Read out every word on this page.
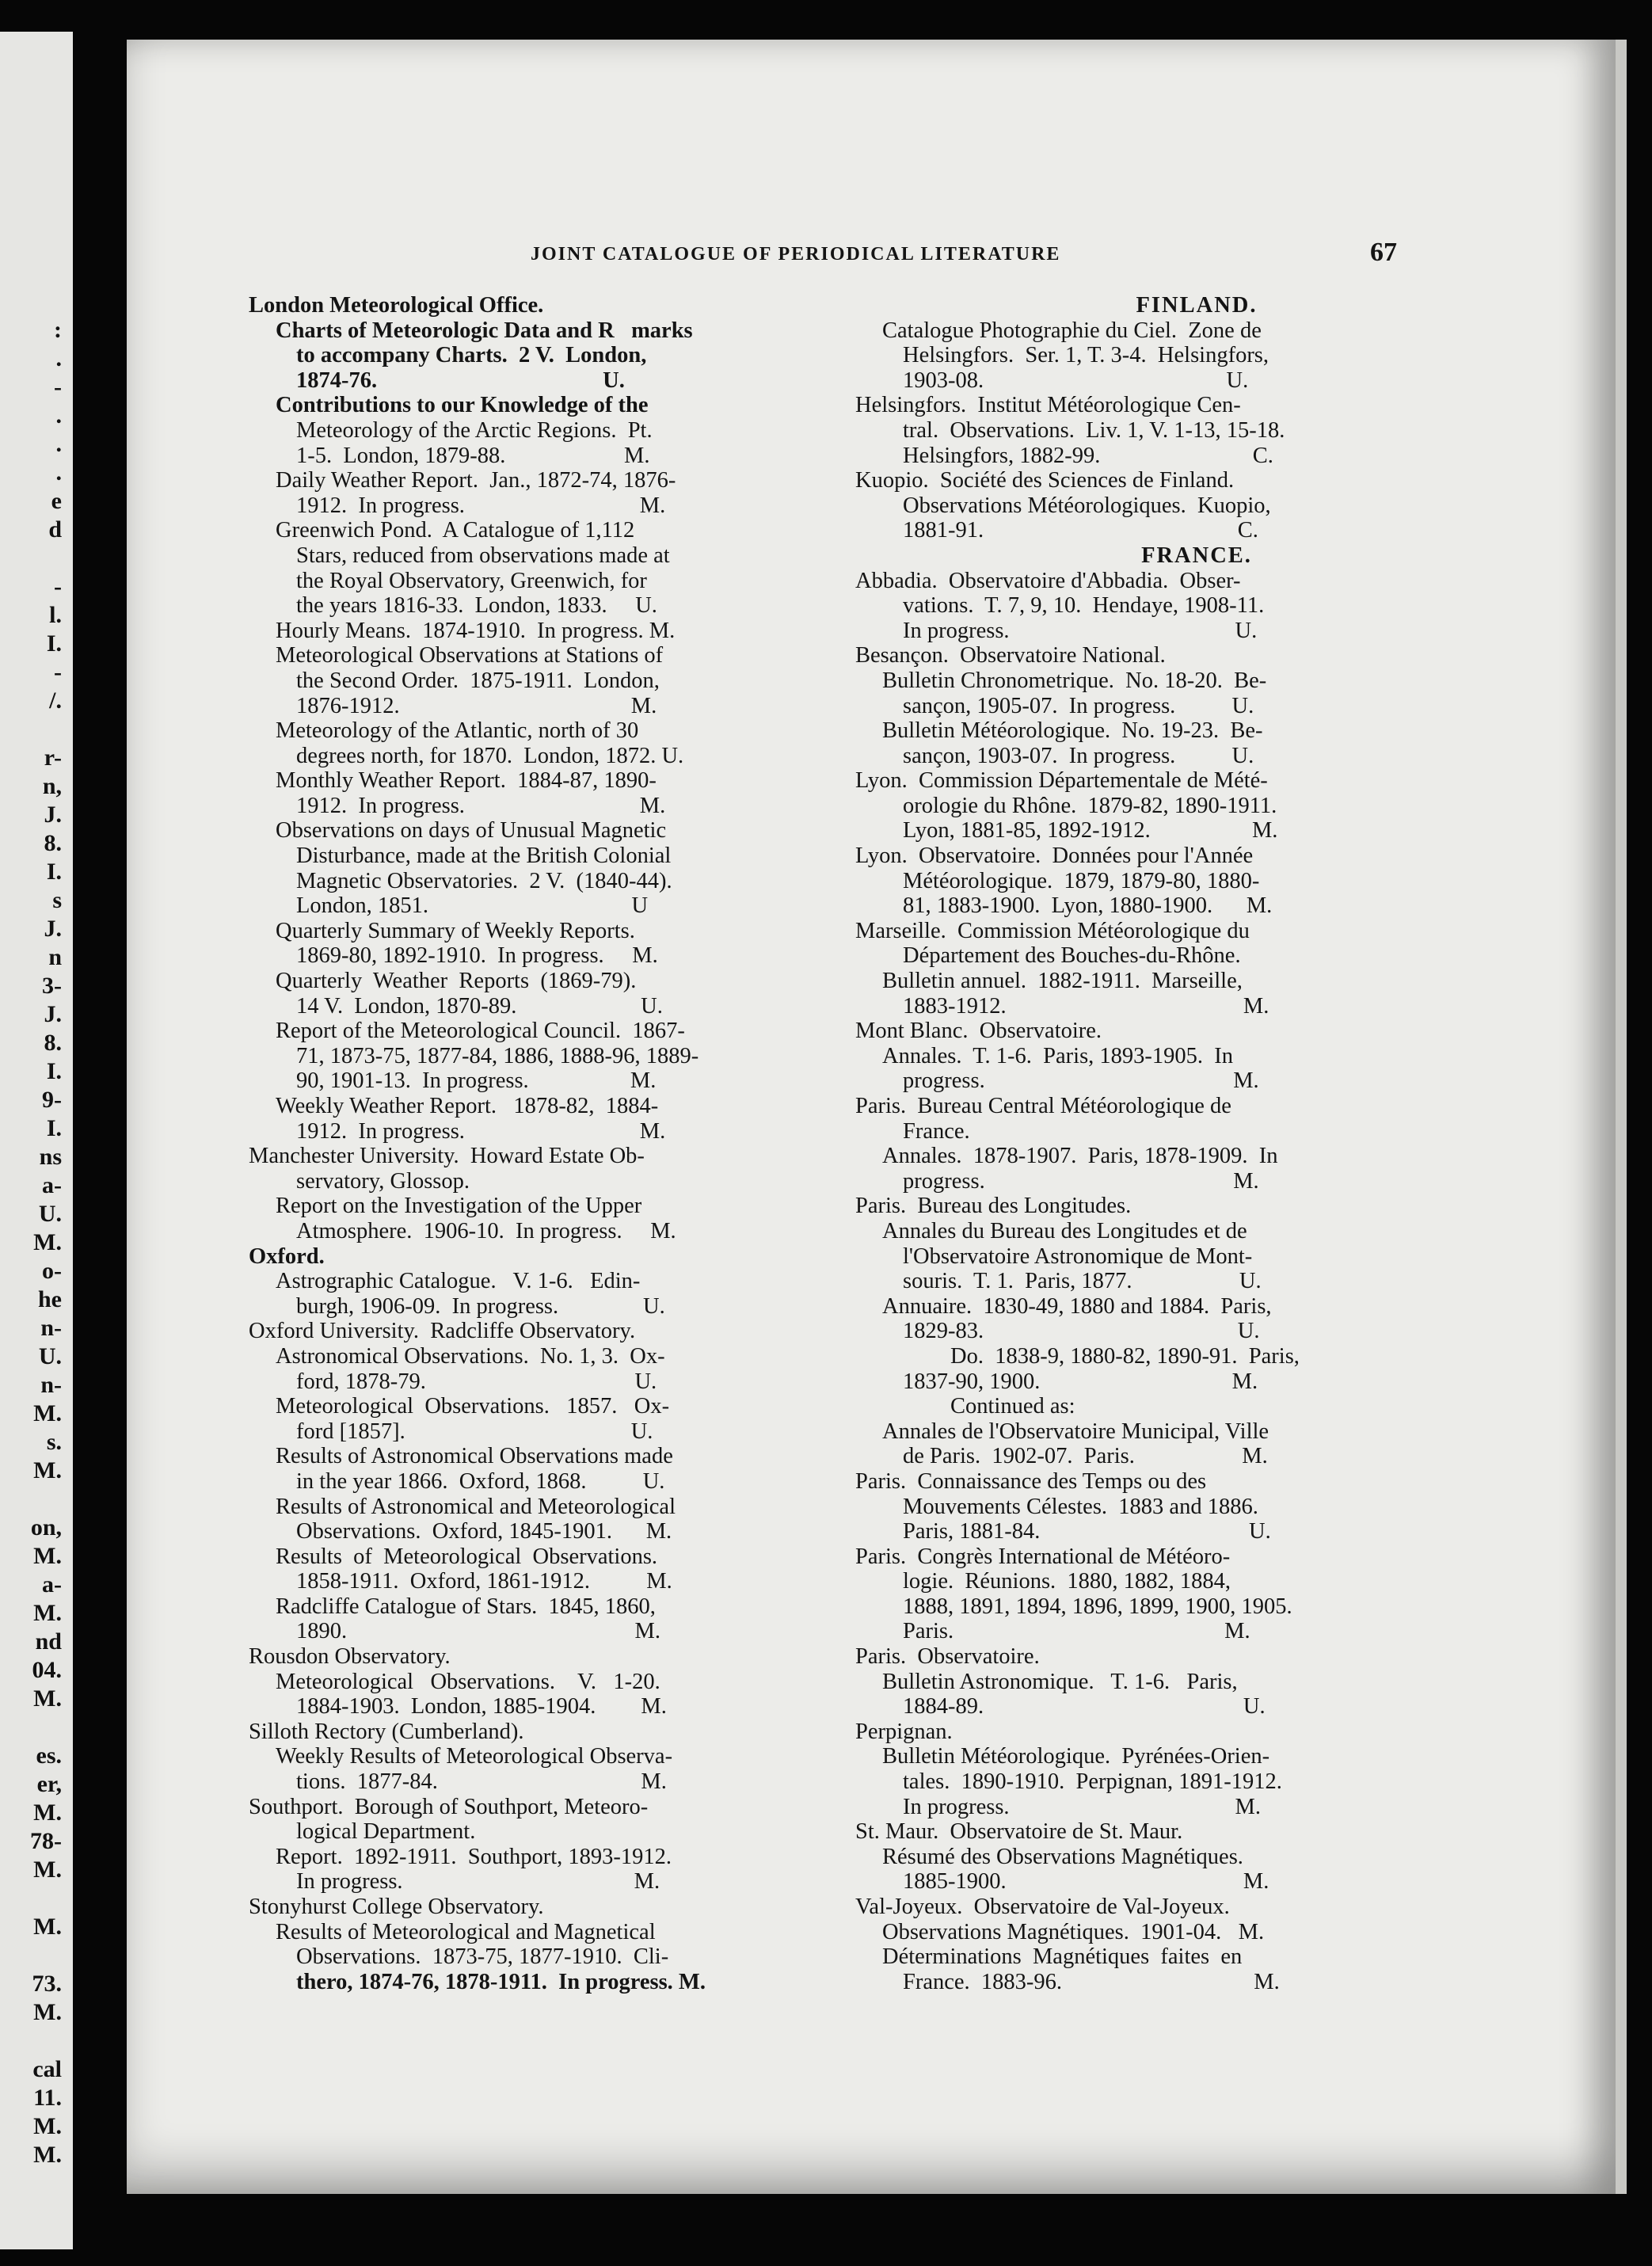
:
.
-
.
.
.
e
d
-
l.
I.
-
/.
r-
n,
J.
8.
I.
s
J.
n
3-
J.
8.
I.
9-
I.
ns
a-
U.
M.
o-
he
n-
U.
n-
M.
s.
M.
on,
M.
a-
M.
nd
04.
M.
es.
er,
M.
78-
M.
M.
73.
M.
cal
11.
M.
M.
JOINT CATALOGUE OF PERIODICAL LITERATURE	67
London Meteorological Office.
Charts of Meteorologic Data and R   marks
to accompany Charts.  2 V.  London,
1874-76.                                        U.
Contributions to our Knowledge of the
Meteorology of the Arctic Regions.  Pt.
1-5.  London, 1879-88.                     M.
Daily Weather Report.  Jan., 1872-74, 1876-
1912.  In progress.                               M.
Greenwich Pond.  A Catalogue of 1,112
Stars, reduced from observations made at
the Royal Observatory, Greenwich, for
the years 1816-33.  London, 1833.     U.
Hourly Means.  1874-1910.  In progress. M.
Meteorological Observations at Stations of
the Second Order.  1875-1911.  London,
1876-1912.                                         M.
Meteorology of the Atlantic, north of 30
degrees north, for 1870.  London, 1872. U.
Monthly Weather Report.  1884-87, 1890-
1912.  In progress.                               M.
Observations on days of Unusual Magnetic
Disturbance, made at the British Colonial
Magnetic Observatories.  2 V.  (1840-44).
London, 1851.                                    U
Quarterly Summary of Weekly Reports.
1869-80, 1892-1910.  In progress.     M.
Quarterly  Weather  Reports  (1869-79).
14 V.  London, 1870-89.                      U.
Report of the Meteorological Council.  1867-
71, 1873-75, 1877-84, 1886, 1888-96, 1889-
90, 1901-13.  In progress.                  M.
Weekly Weather Report.   1878-82,  1884-
1912.  In progress.                               M.
Manchester University.  Howard Estate Ob-
servatory, Glossop.
Report on the Investigation of the Upper
Atmosphere.  1906-10.  In progress.     M.
Oxford.
Astrographic Catalogue.   V. 1-6.   Edin-
burgh, 1906-09.  In progress.               U.
Oxford University.  Radcliffe Observatory.
Astronomical Observations.  No. 1, 3.  Ox-
ford, 1878-79.                                     U.
Meteorological  Observations.   1857.   Ox-
ford [1857].                                        U.
Results of Astronomical Observations made
in the year 1866.  Oxford, 1868.          U.
Results of Astronomical and Meteorological
Observations.  Oxford, 1845-1901.      M.
Results  of  Meteorological  Observations.
1858-1911.  Oxford, 1861-1912.          M.
Radcliffe Catalogue of Stars.  1845, 1860,
1890.                                                   M.
Rousdon Observatory.
Meteorological   Observations.    V.   1-20.
1884-1903.  London, 1885-1904.        M.
Silloth Rectory (Cumberland).
Weekly Results of Meteorological Observa-
tions.  1877-84.                                    M.
Southport.  Borough of Southport, Meteoro-
logical Department.
Report.  1892-1911.  Southport, 1893-1912.
In progress.                                         M.
Stonyhurst College Observatory.
Results of Meteorological and Magnetical
Observations.  1873-75, 1877-1910.  Cli-
thero, 1874-76, 1878-1911.  In progress. M.
FINLAND.
Catalogue Photographie du Ciel.  Zone de
Helsingfors.  Ser. 1, T. 3-4.  Helsingfors,
1903-08.                                           U.
Helsingfors.  Institut Météorologique Cen-
tral.  Observations.  Liv. 1, V. 1-13, 15-18.
Helsingfors, 1882-99.                           C.
Kuopio.  Société des Sciences de Finland.
Observations Météorologiques.  Kuopio,
1881-91.                                             C.
FRANCE.
Abbadia.  Observatoire d'Abbadia.  Obser-
vations.  T. 7, 9, 10.  Hendaye, 1908-11.
In progress.                                        U.
Besançon.  Observatoire National.
Bulletin Chronometrique.  No. 18-20.  Be-
sançon, 1905-07.  In progress.          U.
Bulletin Météorologique.  No. 19-23.  Be-
sançon, 1903-07.  In progress.          U.
Lyon.  Commission Départementale de Mété-
orologie du Rhône.  1879-82, 1890-1911.
Lyon, 1881-85, 1892-1912.                  M.
Lyon.  Observatoire.  Données pour l'Année
Météorologique.  1879, 1879-80, 1880-
81, 1883-1900.  Lyon, 1880-1900.      M.
Marseille.  Commission Météorologique du
Département des Bouches-du-Rhône.
Bulletin annuel.  1882-1911.  Marseille,
1883-1912.                                          M.
Mont Blanc.  Observatoire.
Annales.  T. 1-6.  Paris, 1893-1905.  In
progress.                                            M.
Paris.  Bureau Central Météorologique de
France.
Annales.  1878-1907.  Paris, 1878-1909.  In
progress.                                            M.
Paris.  Bureau des Longitudes.
Annales du Bureau des Longitudes et de
l'Observatoire Astronomique de Mont-
souris.  T. 1.  Paris, 1877.                   U.
Annuaire.  1830-49, 1880 and 1884.  Paris,
1829-83.                                             U.
Do.  1838-9, 1880-82, 1890-91.  Paris,
1837-90, 1900.                                  M.
Continued as:
Annales de l'Observatoire Municipal, Ville
de Paris.  1902-07.  Paris.                   M.
Paris.  Connaissance des Temps ou des
Mouvements Célestes.  1883 and 1886.
Paris, 1881-84.                                     U.
Paris.  Congrès International de Météoro-
logie.  Réunions.  1880, 1882, 1884,
1888, 1891, 1894, 1896, 1899, 1900, 1905.
Paris.                                                M.
Paris.  Observatoire.
Bulletin Astronomique.   T. 1-6.   Paris,
1884-89.                                              U.
Perpignan.
Bulletin Météorologique.  Pyrénées-Orien-
tales.  1890-1910.  Perpignan, 1891-1912.
In progress.                                        M.
St. Maur.  Observatoire de St. Maur.
Résumé des Observations Magnétiques.
1885-1900.                                          M.
Val-Joyeux.  Observatoire de Val-Joyeux.
Observations Magnétiques.  1901-04.   M.
Déterminations  Magnétiques  faites  en
France.  1883-96.                                  M.
